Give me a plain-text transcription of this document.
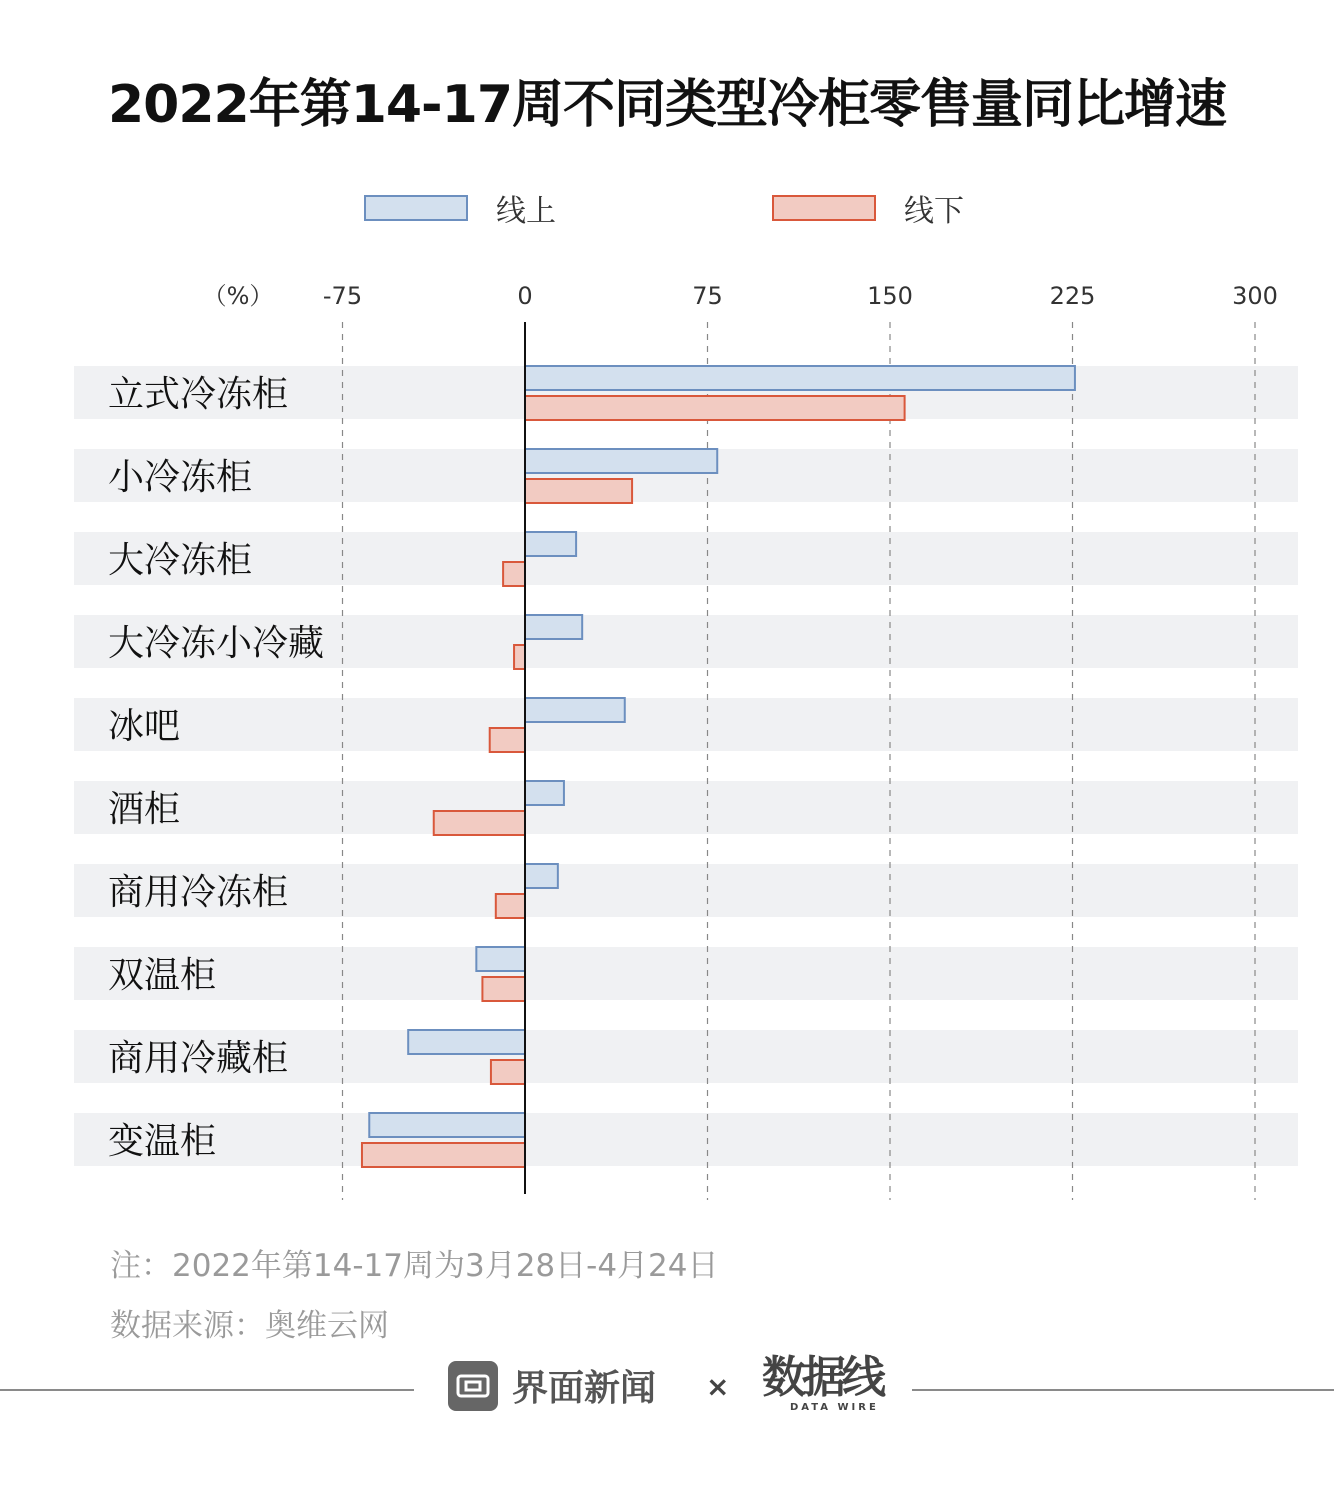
2022年第14-17周不同类型冷柜零售量同比增速
线上	线下
（%） -75	0	75	150	225	300
立式冷冻柜
小冷冻柜
大冷冻柜
大冷冻小冷藏
冰吧
酒柜
商用冷冻柜
双温柜
商用冷藏柜
变温柜
注：2022年第14-17周为3月28日-4月24日
数据来源：奥维云网
界面新闻 × 数据线
DATA WIRE
